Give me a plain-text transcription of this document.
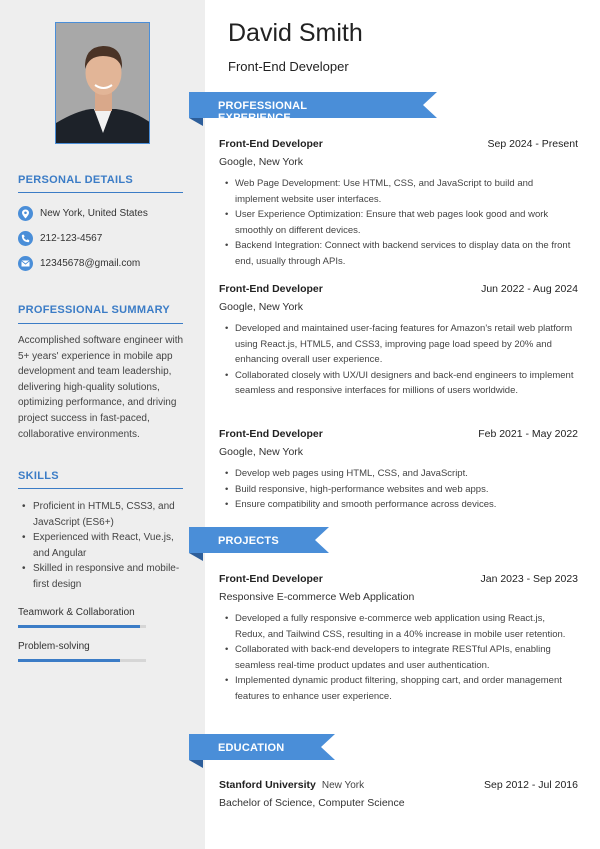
PERSONAL DETAILS
New York, United States
212-123-4567
12345678@gmail.com
PROFESSIONAL SUMMARY
Accomplished software engineer with 5+ years' experience in mobile app development and team leadership, delivering high-quality solutions, optimizing performance, and driving project success in fast-paced, collaborative environments.
SKILLS
• Proficient in HTML5, CSS3, and JavaScript (ES6+)
• Experienced with React, Vue.js, and Angular
• Skilled in responsive and mobile-first design
Teamwork & Collaboration
Problem-solving
David Smith
Front-End Developer
PROFESSIONAL EXPERIENCE
Front-End Developer	Sep 2024 - Present
Google, New York
• Web Page Development: Use HTML, CSS, and JavaScript to build and implement website user interfaces.
• User Experience Optimization: Ensure that web pages look good and work smoothly on different devices.
• Backend Integration: Connect with backend services to display data on the front end, usually through APIs.
Front-End Developer	Jun 2022 - Aug 2024
Google, New York
• Developed and maintained user-facing features for Amazon's retail web platform using React.js, HTML5, and CSS3, improving page load speed by 20% and enhancing overall user experience.
• Collaborated closely with UX/UI designers and back-end engineers to implement seamless and responsive interfaces for millions of users worldwide.
Front-End Developer	Feb 2021 - May 2022
Google, New York
• Develop web pages using HTML, CSS, and JavaScript.
• Build responsive, high-performance websites and web apps.
• Ensure compatibility and smooth performance across devices.
PROJECTS
Front-End Developer	Jan 2023 - Sep 2023
Responsive E-commerce Web Application
• Developed a fully responsive e-commerce web application using React.js, Redux, and Tailwind CSS, resulting in a 40% increase in mobile user retention.
• Collaborated with back-end developers to integrate RESTful APIs, enabling seamless real-time product updates and user authentication.
• Implemented dynamic product filtering, shopping cart, and order management features to enhance user experience.
EDUCATION
Stanford University New York	Sep 2012 - Jul 2016
Bachelor of Science, Computer Science
